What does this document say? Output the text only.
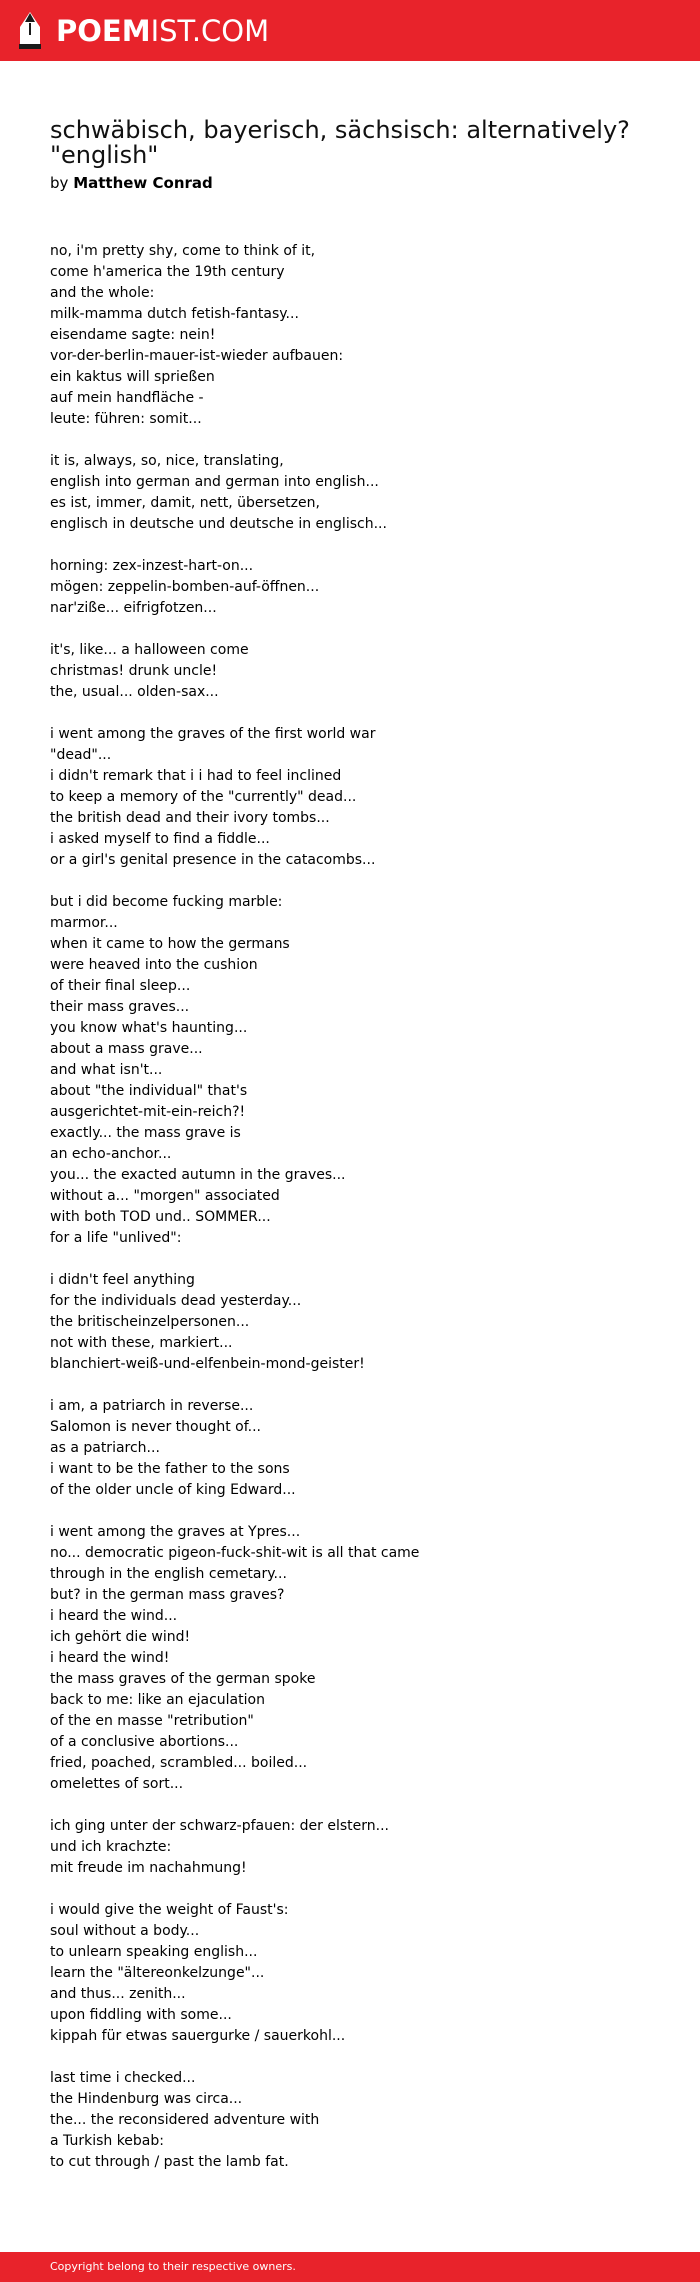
POEMIST.COM
schwäbisch, bayerisch, sächsisch: alternatively? "english"
by Matthew Conrad

no, i'm pretty shy, come to think of it,
come h'america the 19th century
and the whole:
milk-mamma dutch fetish-fantasy...
eisendame sagte: nein!
vor-der-berlin-mauer-ist-wieder aufbauen:
ein kaktus will sprießen
auf mein handfläche -
leute: führen: somit...

it is, always, so, nice, translating,
english into german and german into english...
es ist, immer, damit, nett, übersetzen,
englisch in deutsche und deutsche in englisch...

horning: zex-inzest-hart-on...
mögen: zeppelin-bomben-auf-öffnen...
nar'zißе... eifrigfotzen...

it's, like... a halloween come
christmas! drunk uncle!
the, usual... olden-sax...

i went among the graves of the first world war
"dead"...
i didn't remark that i i had to feel inclined
to keep a memory of the "currently" dead...
the british dead and their ivory tombs...
i asked myself to find a fiddle...
or a girl's genital presence in the catacombs...

but i did become fucking marble:
marmor...
when it came to how the germans
were heaved into the cushion
of their final sleep...
their mass graves...
you know what's haunting...
about a mass grave...
and what isn't...
about "the individual" that's
ausgerichtet-mit-ein-reich?!
exactly... the mass grave is
an echo-anchor...
you... the exacted autumn in the graves...
without a... "morgen" associated
with both TOD und.. SOMMER...
for a life "unlived":

i didn't feel anything
for the individuals dead yesterday...
the britischeinzelpersonen...
not with these, markiert...
blanchiert-weiß-und-elfenbein-mond-geister!

i am, a patriarch in reverse...
Salomon is never thought of...
as a patriarch...
i want to be the father to the sons
of the older uncle of king Edward...

i went among the graves at Ypres...
no... democratic pigeon-fuck-shit-wit is all that came
through in the english cemetary...
but? in the german mass graves?
i heard the wind...
ich gehört die wind!
i heard the wind!
the mass graves of the german spoke
back to me: like an ejaculation
of the en masse "retribution"
of a conclusive abortions...
fried, poached, scrambled... boiled...
omelettes of sort...

ich ging unter der schwarz-pfauen: der elstern...
und ich krachzte:
mit freude im nachahmung!

i would give the weight of Faust's:
soul without a body...
to unlearn speaking english...
learn the "ältereonkelzunge"...
and thus... zenith...
upon fiddling with some...
kippah für etwas sauergurke / sauerkohl...

last time i checked...
the Hindenburg was circa...
the... the reconsidered adventure with
a Turkish kebab:
to cut through / past the lamb fat.

Copyright belong to their respective owners.
